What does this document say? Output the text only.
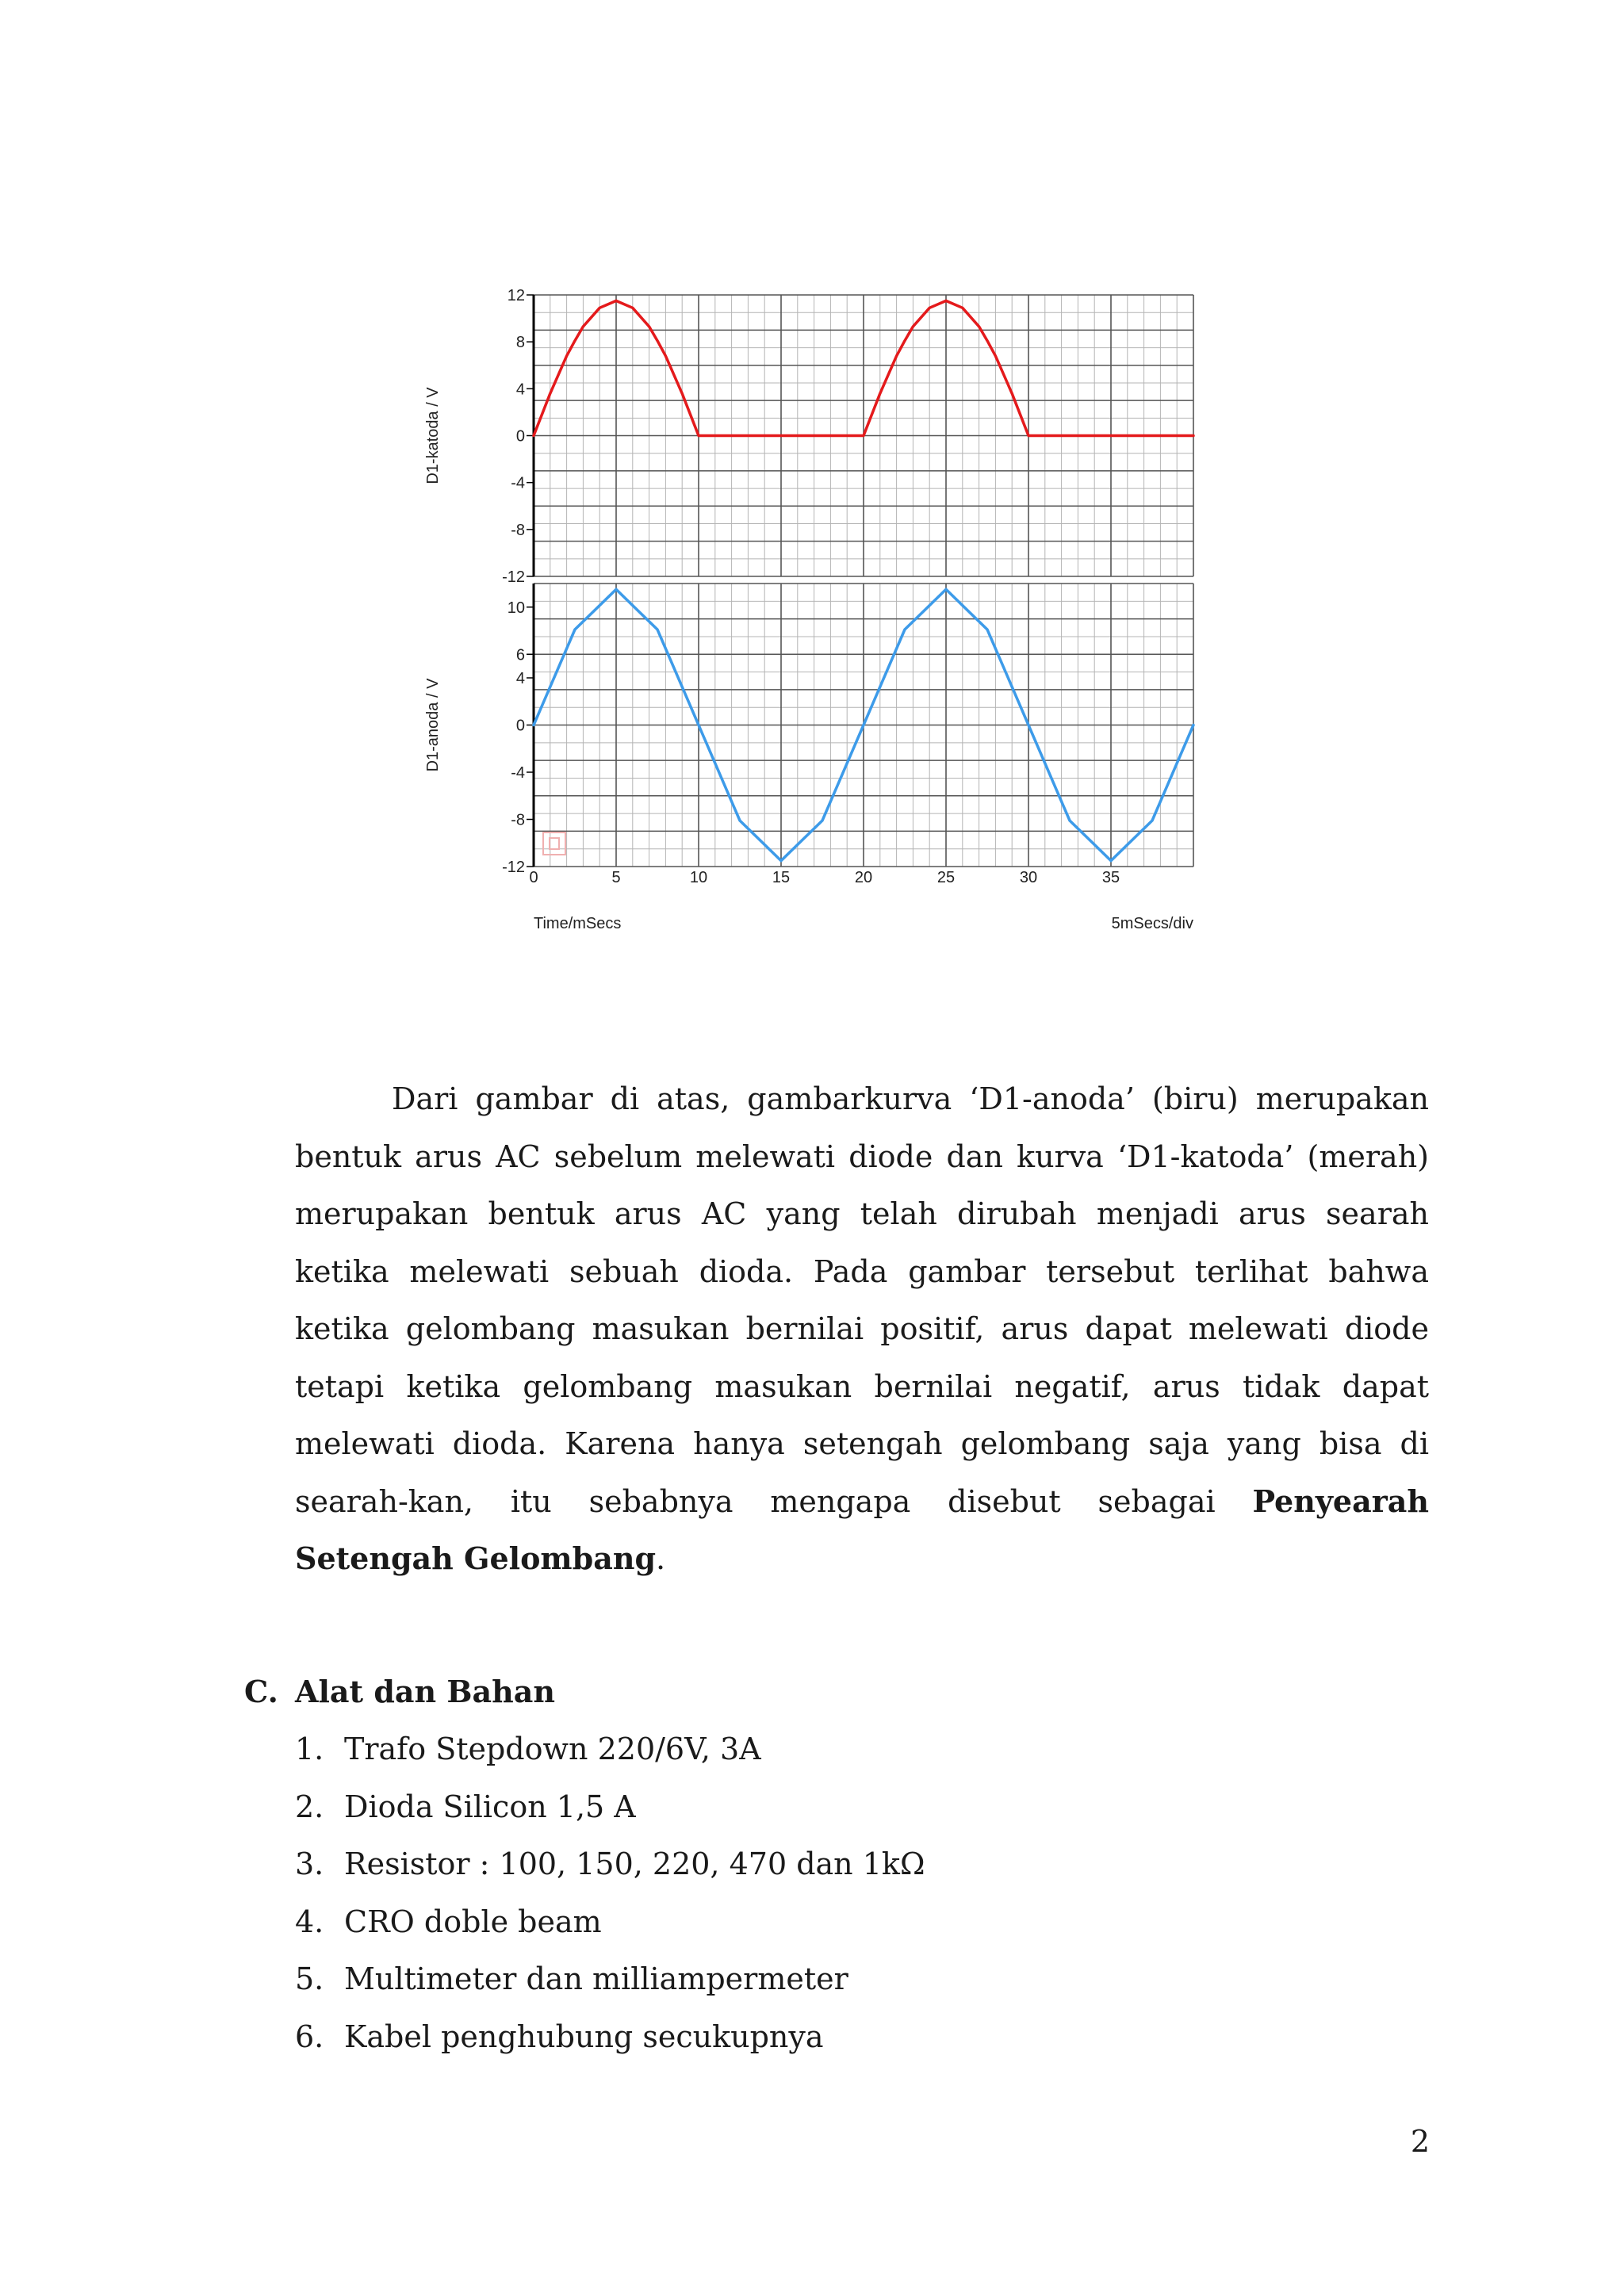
12
8
4
0
-4
-8
-12
D1-katoda / V
10
6
4
0
-4
-8
-12
D1-anoda / V
0	5	10	15	20	25	30	35
Time/mSecs	5mSecs/div

Dari gambar di atas, gambarkurva ‘D1-anoda’ (biru) merupakan bentuk arus AC sebelum melewati diode dan kurva ‘D1-katoda’ (merah) merupakan bentuk arus AC yang telah dirubah menjadi arus searah ketika melewati sebuah dioda. Pada gambar tersebut terlihat bahwa ketika gelombang masukan bernilai positif, arus dapat melewati diode tetapi ketika gelombang masukan bernilai negatif, arus tidak dapat melewati dioda. Karena hanya setengah gelombang saja yang bisa di searah-kan, itu sebabnya mengapa disebut sebagai Penyearah Setengah Gelombang.

C. Alat dan Bahan
1. Trafo Stepdown 220/6V, 3A
2. Dioda Silicon 1,5 A
3. Resistor : 100, 150, 220, 470 dan 1kΩ
4. CRO doble beam
5. Multimeter dan milliampermeter
6. Kabel penghubung secukupnya
2
